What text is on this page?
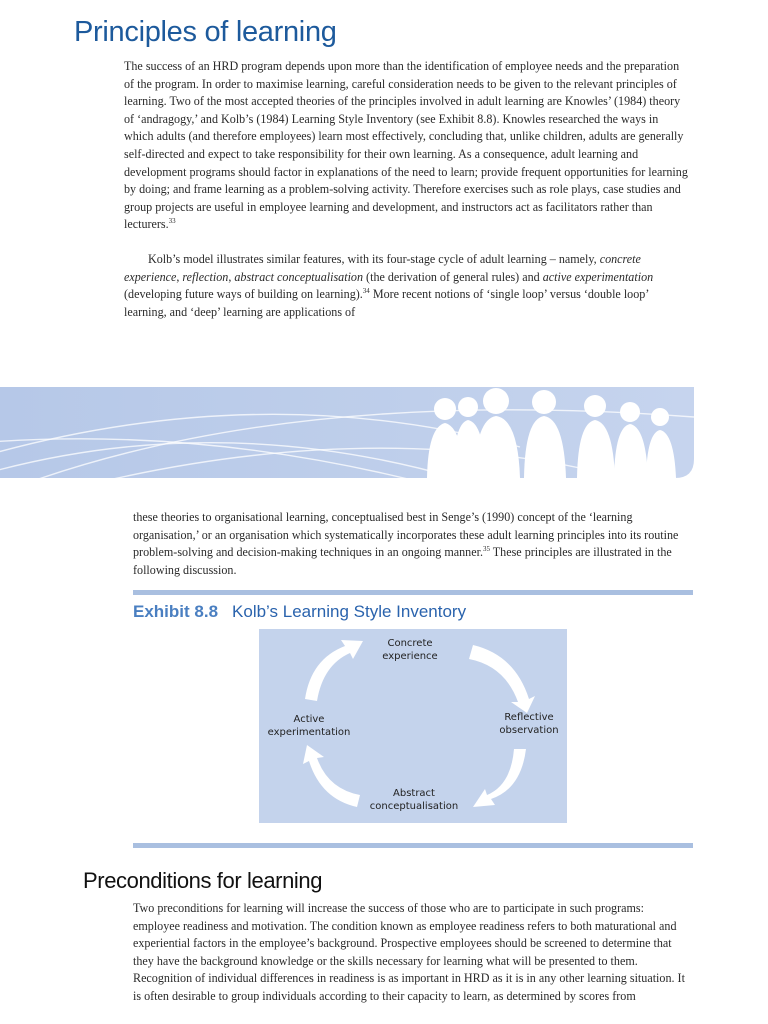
Principles of learning

The success of an HRD program depends upon more than the identification of employee needs and the preparation of the program. In order to maximise learning, careful consideration needs to be given to the relevant principles of learning. Two of the most accepted theories of the principles involved in adult learning are Knowles’ (1984) theory of ‘andragogy,’ and Kolb’s (1984) Learning Style Inventory (see Exhibit 8.8). Knowles researched the ways in which adults (and therefore employees) learn most effectively, concluding that, unlike children, adults are generally self-directed and expect to take responsibility for their own learning. As a consequence, adult learning and development programs should factor in explanations of the need to learn; provide frequent opportunities for learning by doing; and frame learning as a problem-solving activity. Therefore exercises such as role plays, case studies and group projects are useful in employee learning and development, and instructors act as facilitators rather than lecturers.$^{33}$

Kolb’s model illustrates similar features, with its four-stage cycle of adult learning – namely, concrete experience, reflection, abstract conceptualisation (the derivation of general rules) and active experimentation (developing future ways of building on learning).$^{34}$ More recent notions of ‘single loop’ versus ‘double loop’ learning, and ‘deep’ learning are applications of

these theories to organisational learning, conceptualised best in Senge’s (1990) concept of the ‘learning organisation,’ or an organisation which systematically incorporates these adult learning principles into its routine problem-solving and decision-making techniques in an ongoing manner.$^{35}$ These principles are illustrated in the following discussion.

Exhibit 8.8 Kolb’s Learning Style Inventory
Concrete
experience
Reflective
observation
Abstract
conceptualisation
Active
experimentation
Preconditions for learning

Two preconditions for learning will increase the success of those who are to participate in such programs: employee readiness and motivation. The condition known as employee readiness refers to both maturational and experiential factors in the employee’s background. Prospective employees should be screened to determine that they have the background knowledge or the skills necessary for learning what will be presented to them. Recognition of individual differences in readiness is as important in HRD as it is in any other learning situation. It is often desirable to group individuals according to their capacity to learn, as determined by scores from
